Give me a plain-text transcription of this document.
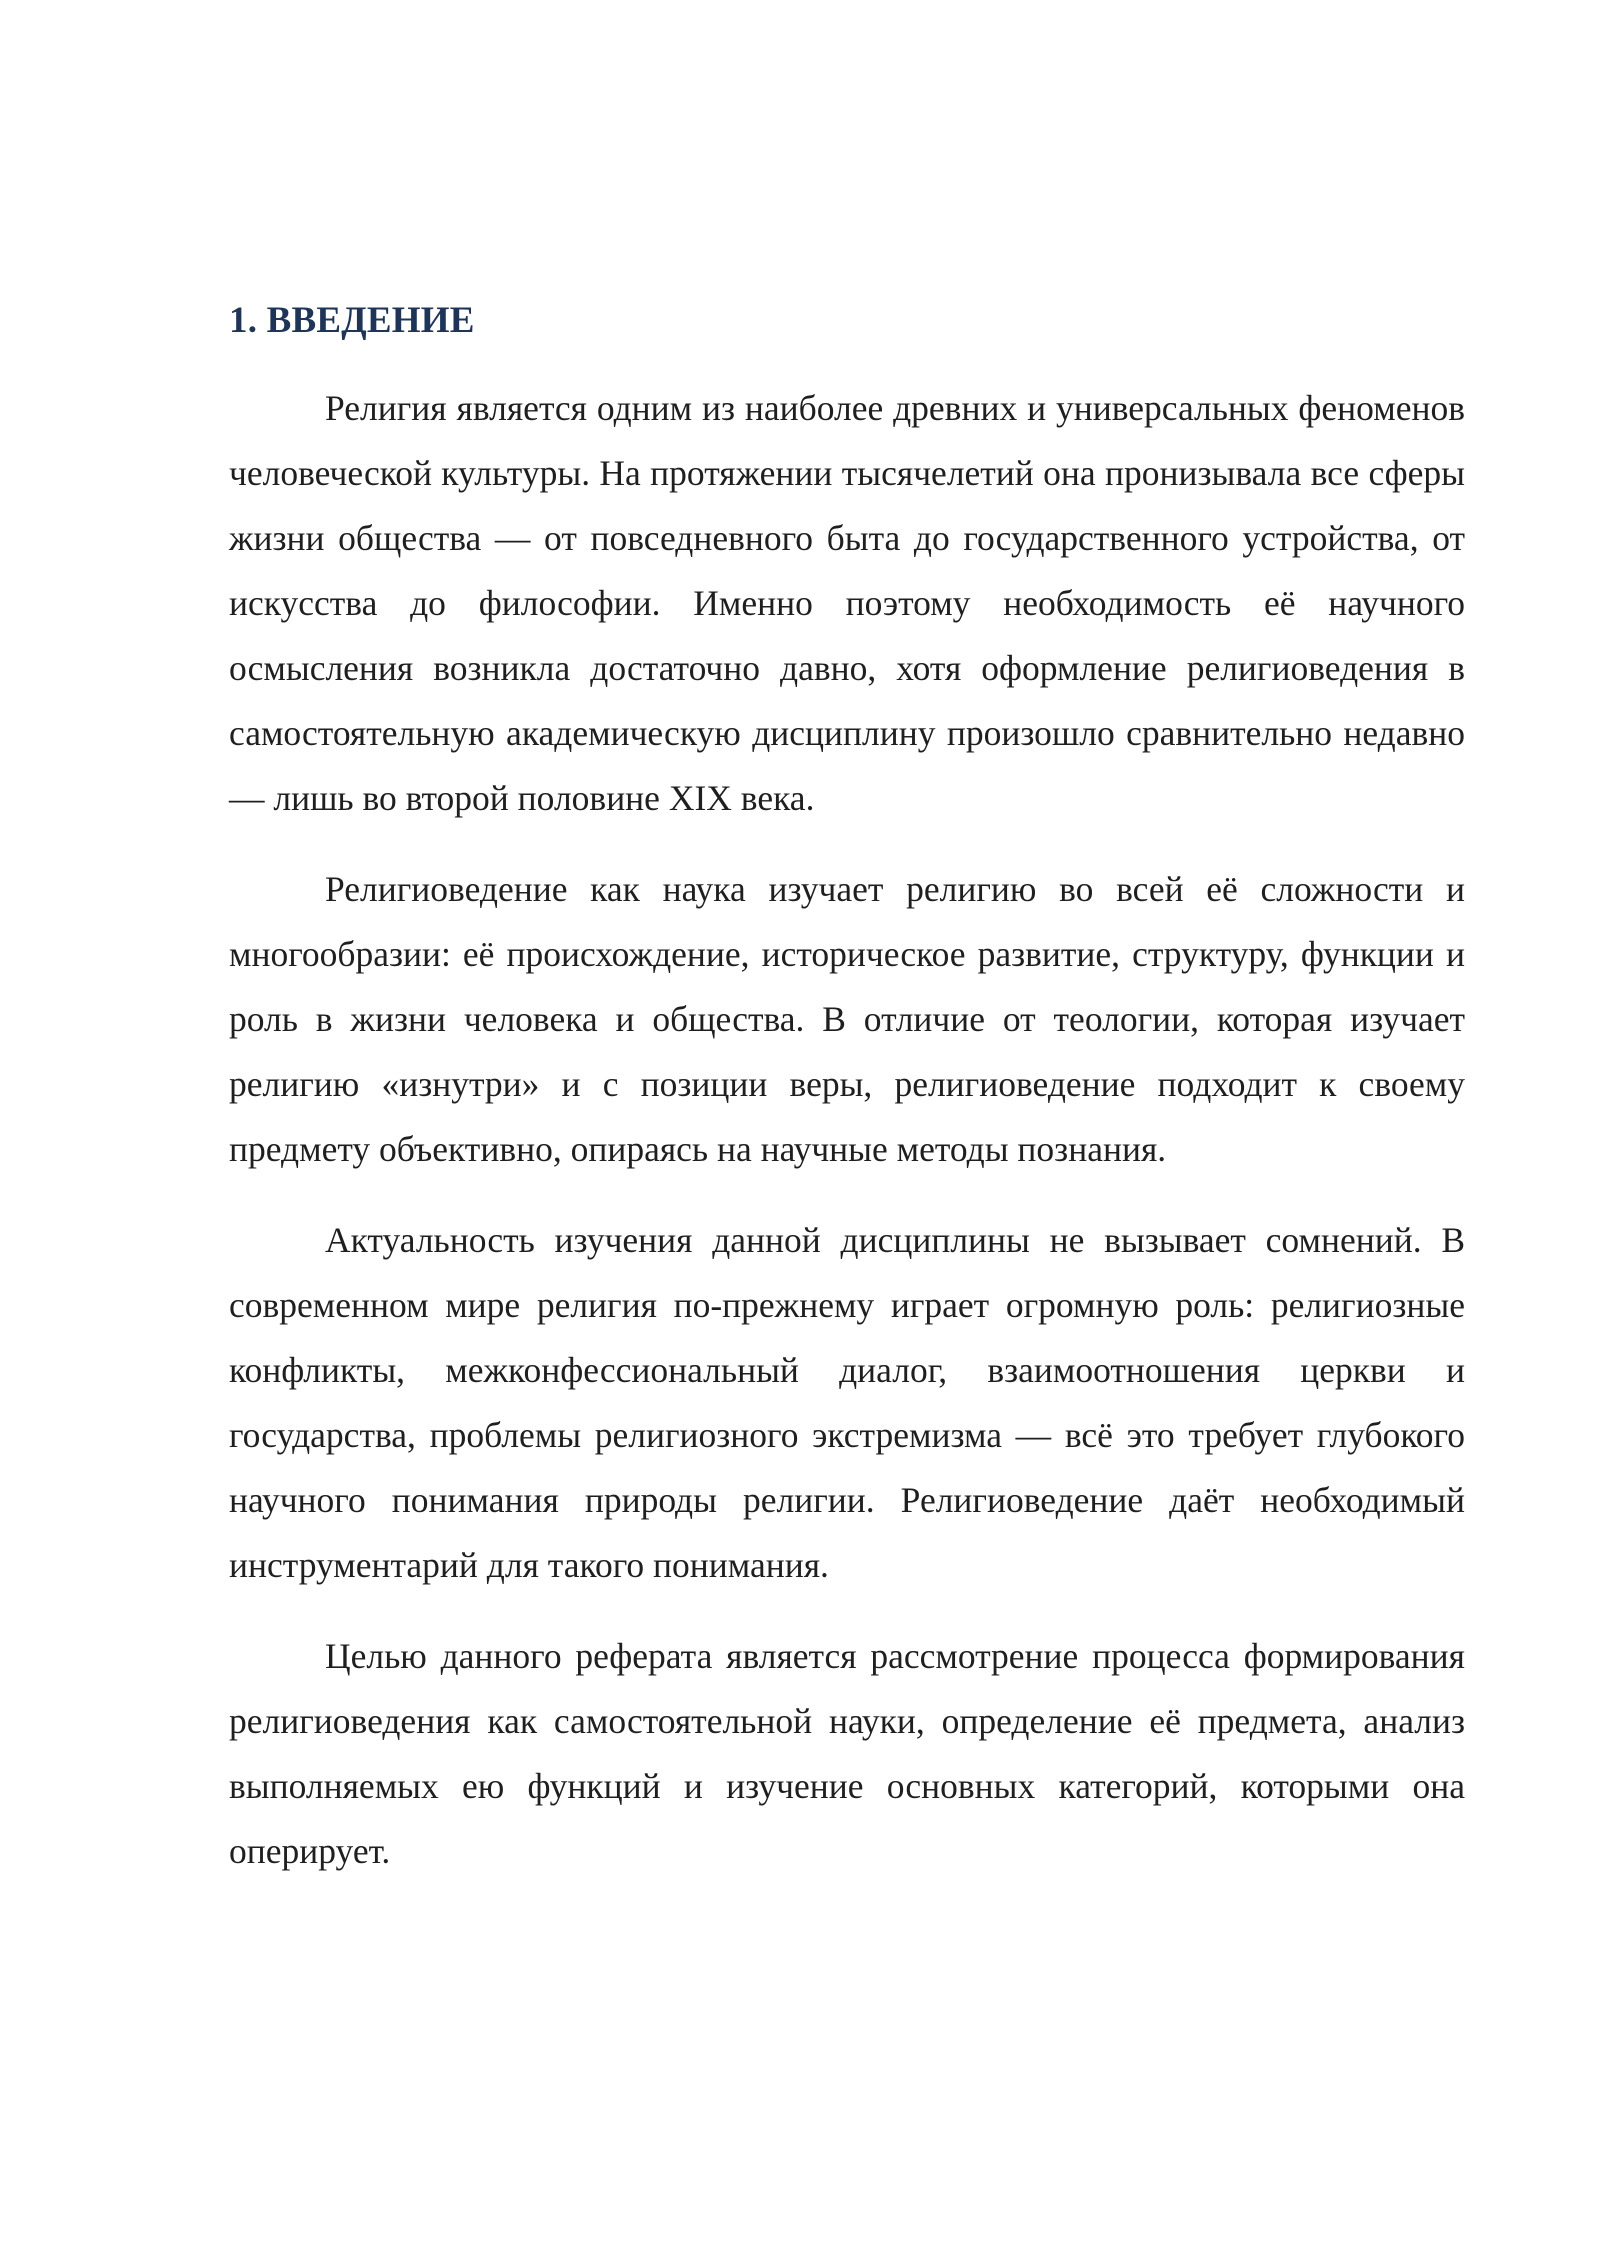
1. ВВЕДЕНИЕ

Религия является одним из наиболее древних и универсальных феноменов человеческой культуры. На протяжении тысячелетий она пронизывала все сферы жизни общества — от повседневного быта до государственного устройства, от искусства до философии. Именно поэтому необходимость её научного осмысления возникла достаточно давно, хотя оформление религиоведения в самостоятельную академическую дисциплину произошло сравнительно недавно — лишь во второй половине XIX века.

Религиоведение как наука изучает религию во всей её сложности и многообразии: её происхождение, историческое развитие, структуру, функции и роль в жизни человека и общества. В отличие от теологии, которая изучает религию «изнутри» и с позиции веры, религиоведение подходит к своему предмету объективно, опираясь на научные методы познания.

Актуальность изучения данной дисциплины не вызывает сомнений. В современном мире религия по-прежнему играет огромную роль: религиозные конфликты, межконфессиональный диалог, взаимоотношения церкви и государства, проблемы религиозного экстремизма — всё это требует глубокого научного понимания природы религии. Религиоведение даёт необходимый инструментарий для такого понимания.

Целью данного реферата является рассмотрение процесса формирования религиоведения как самостоятельной науки, определение её предмета, анализ выполняемых ею функций и изучение основных категорий, которыми она оперирует.
